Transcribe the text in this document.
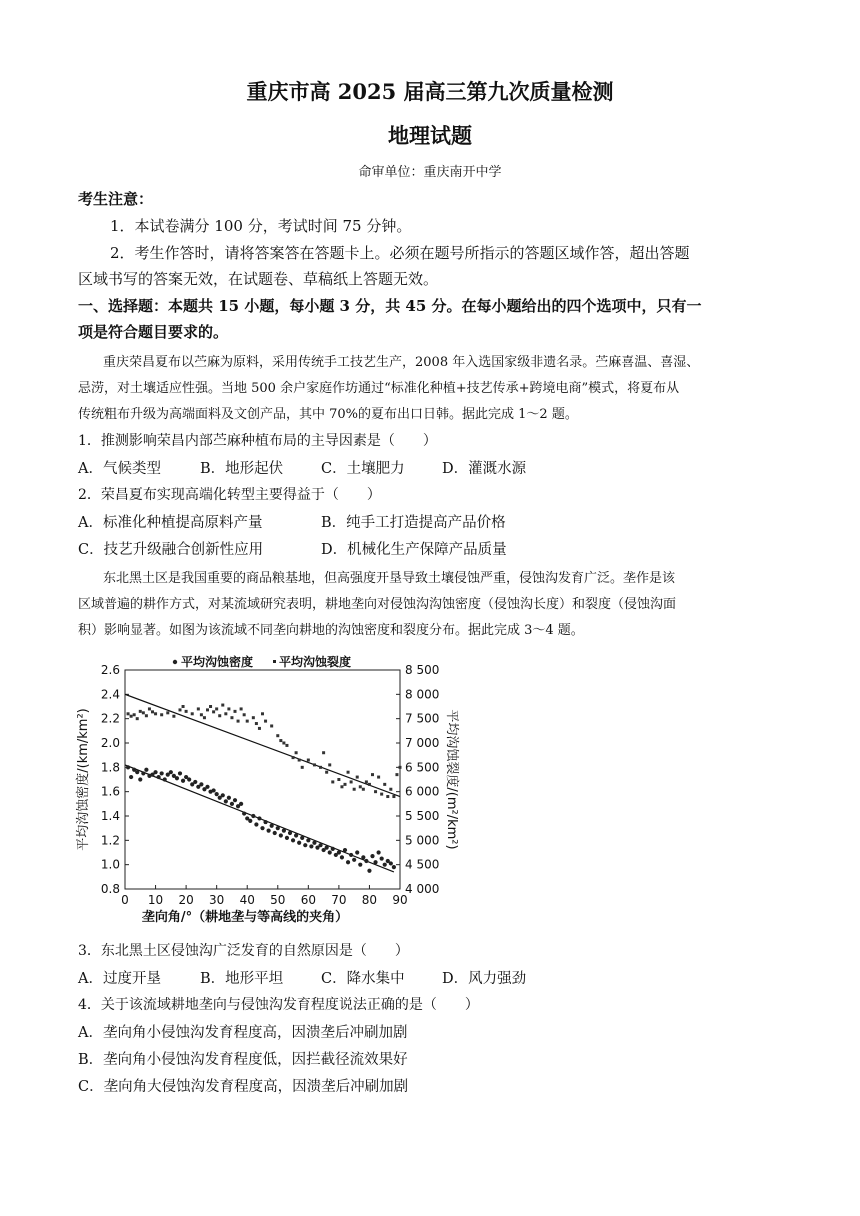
重庆市高 2025 届高三第九次质量检测
地理试题
命审单位：重庆南开中学
考生注意：
1．本试卷满分 100 分，考试时间 75 分钟。
2．考生作答时，请将答案答在答题卡上。必须在题号所指示的答题区域作答，超出答题
区域书写的答案无效，在试题卷、草稿纸上答题无效。
一、选择题：本题共 15 小题，每小题 3 分，共 45 分。在每小题给出的四个选项中，只有一
项是符合题目要求的。
重庆荣昌夏布以苎麻为原料，采用传统手工技艺生产，2008 年入选国家级非遗名录。苎麻喜温、喜湿、
忌涝，对土壤适应性强。当地 500 余户家庭作坊通过“标准化种植+技艺传承+跨境电商”模式，将夏布从
传统粗布升级为高端面料及文创产品，其中 70%的夏布出口日韩。据此完成 1～2 题。
1．推测影响荣昌内部苎麻种植布局的主导因素是（　　）
A．气候类型	B．地形起伏	C．土壤肥力	D．灌溉水源
2．荣昌夏布实现高端化转型主要得益于（　　）
A．标准化种植提高原料产量	B．纯手工打造提高产品价格
C．技艺升级融合创新性应用	D．机械化生产保障产品质量
东北黑土区是我国重要的商品粮基地，但高强度开垦导致土壤侵蚀严重，侵蚀沟发育广泛。垄作是该
区域普遍的耕作方式，对某流域研究表明，耕地垄向对侵蚀沟沟蚀密度（侵蚀沟长度）和裂度（侵蚀沟面
积）影响显著。如图为该流域不同垄向耕地的沟蚀密度和裂度分布。据此完成 3～4 题。
0 10 20 30 40 50 60 70 80 90
0.8
1.0
1.2
1.4
1.6
1.8
2.0
2.2
2.4
2.6
4 000
4 500
5 000
5 500
6 000
6 500
7 000
7 500
8 000
8 500
平均沟蚀密度/(km/km²)	平均沟蚀裂度/(m²/km²)
垄向角/°（耕地垄与等高线的夹角）
平均沟蚀密度 平均沟蚀裂度
3．东北黑土区侵蚀沟广泛发育的自然原因是（　　）
A．过度开垦	B．地形平坦	C．降水集中	D．风力强劲
4．关于该流域耕地垄向与侵蚀沟发育程度说法正确的是（　　）
A．垄向角小侵蚀沟发育程度高，因溃垄后冲刷加剧
B．垄向角小侵蚀沟发育程度低，因拦截径流效果好
C．垄向角大侵蚀沟发育程度高，因溃垄后冲刷加剧
